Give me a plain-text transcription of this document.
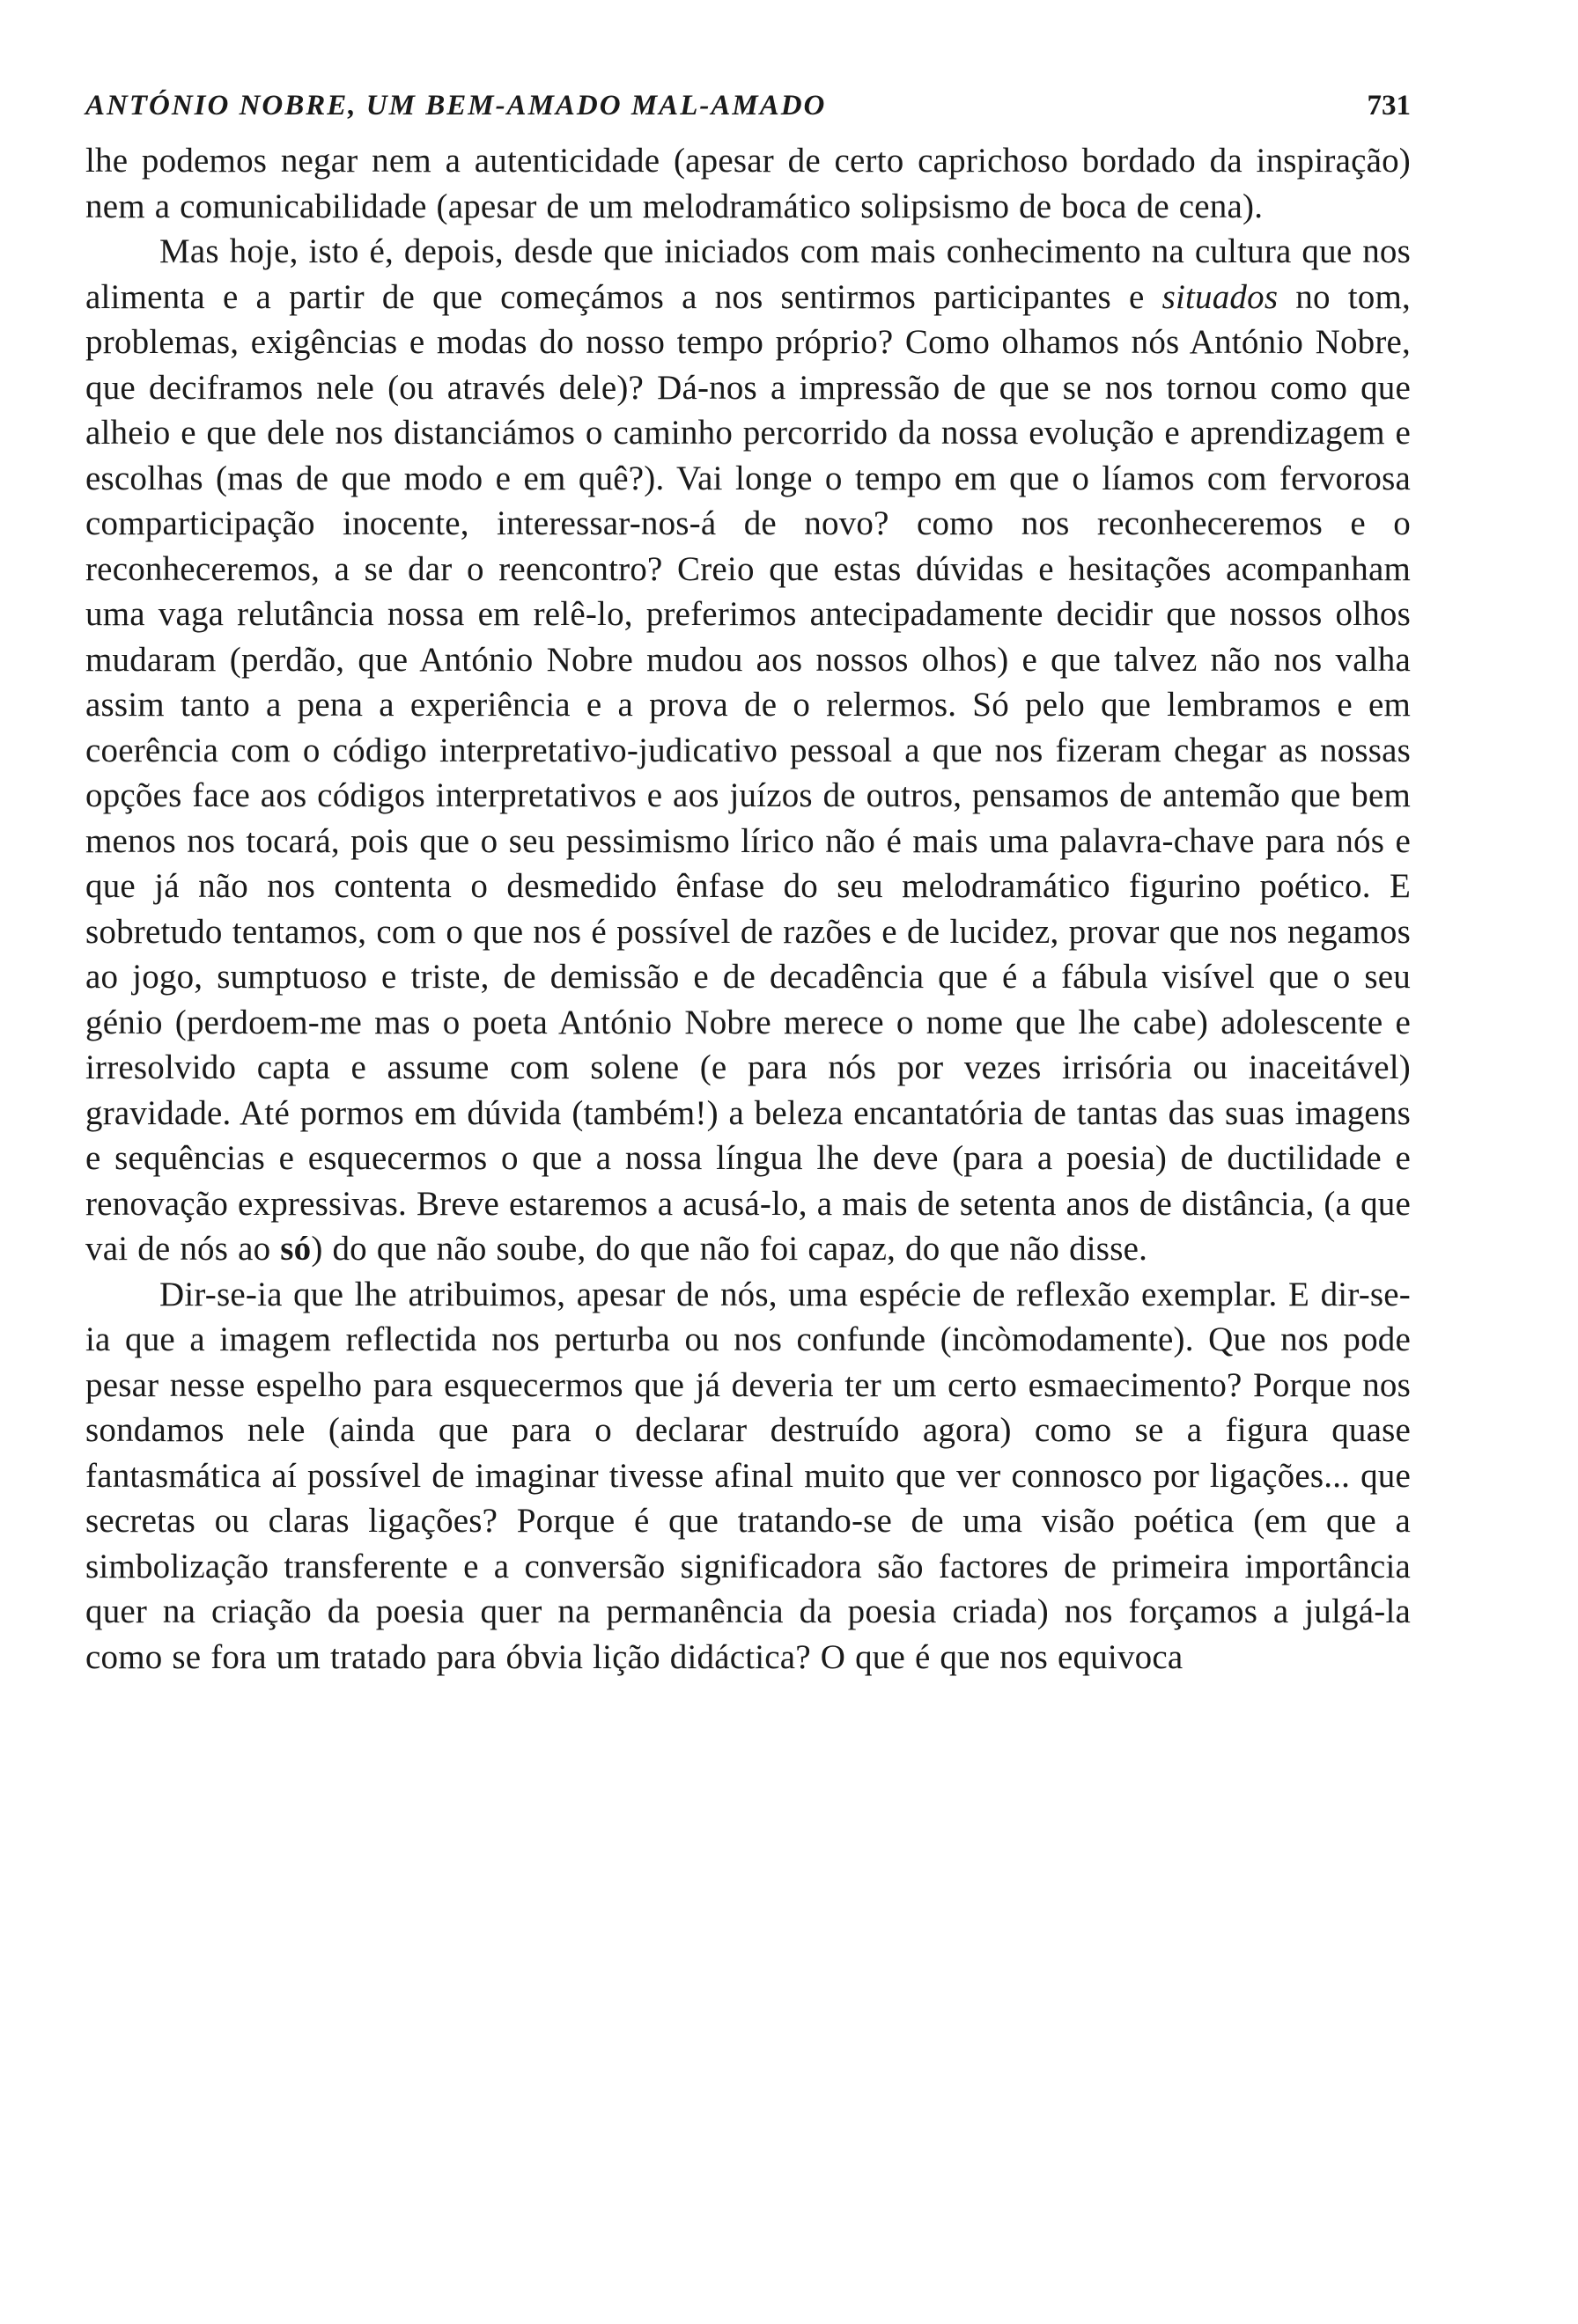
ANTÓNIO NOBRE, UM BEM-AMADO MAL-AMADO	731

lhe podemos negar nem a autenticidade (apesar de certo caprichoso bordado da inspiração) nem a comunicabilidade (apesar de um melodramático solipsismo de boca de cena).

Mas hoje, isto é, depois, desde que iniciados com mais conhecimento na cultura que nos alimenta e a partir de que começámos a nos sentirmos participantes e situados no tom, problemas, exigências e modas do nosso tempo próprio? Como olhamos nós António Nobre, que deciframos nele (ou através dele)? Dá-nos a impressão de que se nos tornou como que alheio e que dele nos distanciámos o caminho percorrido da nossa evolução e aprendizagem e escolhas (mas de que modo e em quê?). Vai longe o tempo em que o líamos com fervorosa comparticipação inocente, interessar-nos-á de novo? como nos reconheceremos e o reconheceremos, a se dar o reencontro? Creio que estas dúvidas e hesitações acompanham uma vaga relutância nossa em relê-lo, preferimos antecipadamente decidir que nossos olhos mudaram (perdão, que António Nobre mudou aos nossos olhos) e que talvez não nos valha assim tanto a pena a experiência e a prova de o relermos. Só pelo que lembramos e em coerência com o código interpretativo-judicativo pessoal a que nos fizeram chegar as nossas opções face aos códigos interpretativos e aos juízos de outros, pensamos de antemão que bem menos nos tocará, pois que o seu pessimismo lírico não é mais uma palavra-chave para nós e que já não nos contenta o desmedido ênfase do seu melodramático figurino poético. E sobretudo tentamos, com o que nos é possível de razões e de lucidez, provar que nos negamos ao jogo, sumptuoso e triste, de demissão e de decadência que é a fábula visível que o seu génio (perdoem-me mas o poeta António Nobre merece o nome que lhe cabe) adolescente e irresolvido capta e assume com solene (e para nós por vezes irrisória ou inaceitável) gravidade. Até pormos em dúvida (também!) a beleza encantatória de tantas das suas imagens e sequências e esquecermos o que a nossa língua lhe deve (para a poesia) de ductilidade e renovação expressivas. Breve estaremos a acusá-lo, a mais de setenta anos de distância, (a que vai de nós ao só) do que não soube, do que não foi capaz, do que não disse.

Dir-se-ia que lhe atribuimos, apesar de nós, uma espécie de reflexão exemplar. E dir-se-ia que a imagem reflectida nos perturba ou nos confunde (incòmodamente). Que nos pode pesar nesse espelho para esquecermos que já deveria ter um certo esmaecimento? Porque nos sondamos nele (ainda que para o declarar destruído agora) como se a figura quase fantasmática aí possível de imaginar tivesse afinal muito que ver connosco por ligações... que secretas ou claras ligações? Porque é que tratando-se de uma visão poética (em que a simbolização transferente e a conversão significadora são factores de primeira importância quer na criação da poesia quer na permanência da poesia criada) nos forçamos a julgá-la como se fora um tratado para óbvia lição didáctica? O que é que nos equivoca
